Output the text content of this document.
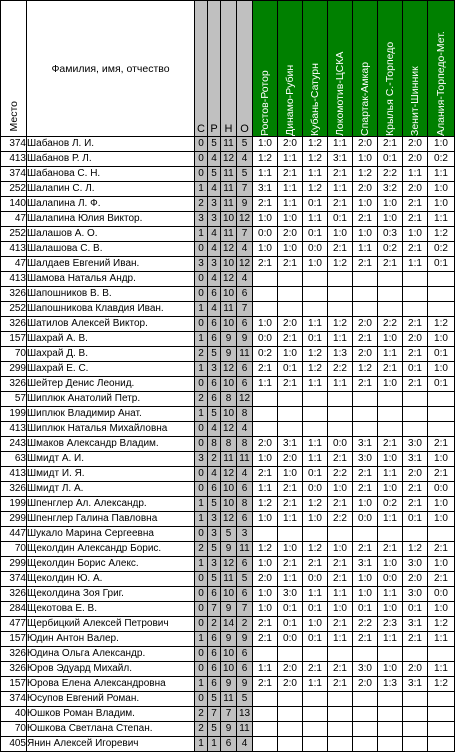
Место	Фамилия, имя, отчество	С	Р	Н	О	Ростов-Ротор	Динамо-Рубин	Кубань-Сатурн	Локомотив-ЦСКА	Спартак-Амкар	Крылья С.-Торпедо	Зенит-Шинник	Алания-Торпедо-Мет.

374	Шабанов Л. И.	0	5	11	5	1:0	2:0	1:2	1:1	2:0	2:1	2:0	1:0
413	Шабанов Р. Л.	0	4	12	4	1:2	1:1	1:2	3:1	1:0	0:1	2:0	0:2
374	Шабанова С. Н.	0	5	11	5	1:1	2:1	1:1	2:1	1:2	2:2	1:1	1:1
252	Шалапин С. Л.	1	4	11	7	3:1	1:1	1:2	1:1	2:0	3:2	2:0	1:0
140	Шалапина Л. Ф.	2	3	11	9	2:1	1:1	0:1	2:1	1:0	1:0	2:1	1:0
47	Шалапина Юлия Виктор.	3	3	10	12	1:0	1:0	1:1	0:1	2:1	1:0	2:1	1:1
252	Шалашов А. О.	1	4	11	7	0:0	2:0	0:1	1:0	1:0	0:3	1:0	1:2
413	Шалашова С. В.	0	4	12	4	1:0	1:0	0:0	2:1	1:1	0:2	2:1	0:2
47	Шалдаев Евгений Иван.	3	3	10	12	2:1	2:1	1:0	1:2	2:1	2:1	1:1	0:1
413	Шамова Наталья Андр.	0	4	12	4								
326	Шапошников В. В.	0	6	10	6								
252	Шапошникова Клавдия Иван.	1	4	11	7								
326	Шатилов Алексей Виктор.	0	6	10	6	1:0	2:0	1:1	1:2	2:0	2:2	2:1	1:2
157	Шахрай А. В.	1	6	9	9	0:0	2:1	0:1	1:1	2:1	1:0	2:0	1:0
70	Шахрай Д. В.	2	5	9	11	0:2	1:0	1:2	1:3	2:0	1:1	2:1	0:1
299	Шахрай Е. С.	1	3	12	6	2:1	0:1	1:2	2:2	1:2	2:1	0:1	1:0
326	Шейтер Денис Леонид.	0	6	10	6	1:1	2:1	1:1	1:1	2:1	1:0	2:1	0:1
57	Шиплюк Анатолий Петр.	2	6	8	12								
199	Шиплюк Владимир Анат.	1	5	10	8								
413	Шиплюк Наталья Михайловна	0	4	12	4								
243	Шмаков Александр Владим.	0	8	8	8	2:0	3:1	1:1	0:0	3:1	2:1	3:0	2:1
63	Шмидт А. И.	3	2	11	11	1:0	2:0	1:1	2:1	3:0	1:0	3:1	1:0
413	Шмидт И. Я.	0	4	12	4	2:1	1:0	0:1	2:2	2:1	1:1	2:0	2:1
326	Шмидт Л. А.	0	6	10	6	1:1	2:1	0:0	1:0	2:1	1:0	2:1	0:0
199	Шпенглер Ал. Александр.	1	5	10	8	1:2	2:1	1:2	2:1	1:0	0:2	2:1	1:0
299	Шпенглер Галина Павловна	1	3	12	6	1:0	1:1	1:0	2:2	0:0	1:1	0:1	1:0
447	Шукало Марина Сергеевна	0	3	5	3								
70	Щеколдин Александр Борис.	2	5	9	11	1:2	1:0	1:2	1:0	2:1	2:1	1:2	2:1
299	Щеколдин Борис Алекс.	1	3	12	6	1:0	2:1	2:1	2:1	3:1	1:0	3:0	1:0
374	Щеколдин Ю. А.	0	5	11	5	2:0	1:1	0:0	2:1	1:0	0:0	2:0	2:1
326	Щеколдина Зоя Григ.	0	6	10	6	1:0	3:0	1:1	1:1	1:0	1:1	3:0	0:0
284	Щекотова Е. В.	0	7	9	7	1:0	0:1	0:1	1:0	0:1	1:0	0:1	1:0
477	Щербицкий Алексей Петрович	0	2	14	2	2:1	0:1	1:0	2:1	2:2	2:3	3:1	1:2
157	Юдин Антон Валер.	1	6	9	9	2:1	0:0	0:1	1:1	2:1	1:1	2:1	1:1
326	Юдина Ольга Александр.	0	6	10	6								
326	Юров Эдуард Михайл.	0	6	10	6	1:1	2:0	2:1	2:1	3:0	1:0	2:0	1:1
157	Юрова Елена Александровна	1	6	9	9	2:1	2:0	1:1	2:1	2:0	1:3	3:1	1:2
374	Юсупов Евгений Роман.	0	5	11	5								
40	Юшков Роман Владим.	2	7	7	13								
70	Юшкова Светлана Степан.	2	5	9	11								
405	Янин Алексей Игоревич	1	1	6	4								
